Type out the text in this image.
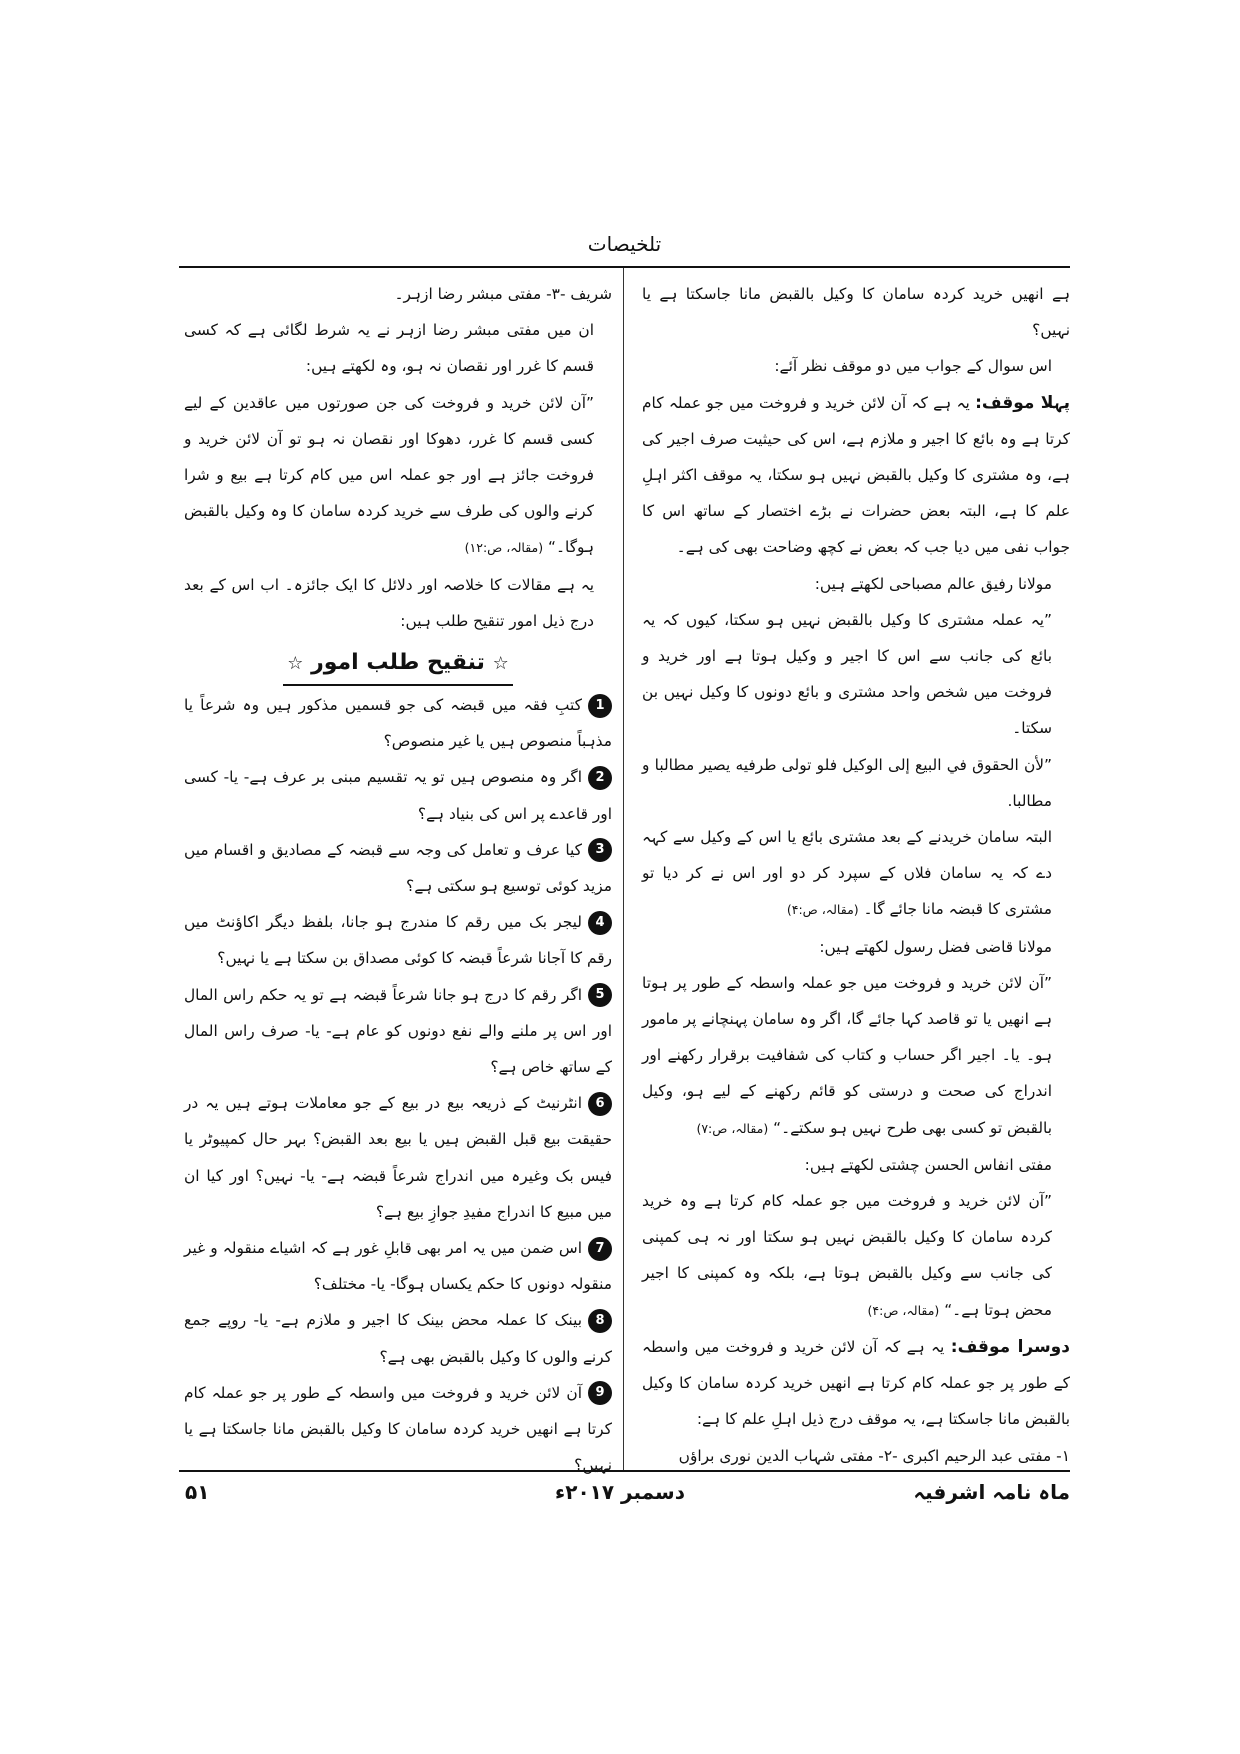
تلخیصات

ہے انھیں خرید کردہ سامان کا وکیل بالقبض مانا جاسکتا ہے یا نہیں؟

اس سوال کے جواب میں دو موقف نظر آئے:

پہلا موقف: یہ ہے کہ آن لائن خرید و فروخت میں جو عملہ کام کرتا ہے وہ بائع کا اجیر و ملازم ہے، اس کی حیثیت صرف اجیر کی ہے، وہ مشتری کا وکیل بالقبض نہیں ہو سکتا، یہ موقف اکثر اہلِ علم کا ہے، البتہ بعض حضرات نے بڑے اختصار کے ساتھ اس کا جواب نفی میں دیا جب کہ بعض نے کچھ وضاحت بھی کی ہے۔

مولانا رفیق عالم مصباحی لکھتے ہیں:

”یہ عملہ مشتری کا وکیل بالقبض نہیں ہو سکتا، کیوں کہ یہ بائع کی جانب سے اس کا اجیر و وکیل ہوتا ہے اور خرید و فروخت میں شخص واحد مشتری و بائع دونوں کا وکیل نہیں بن سکتا۔

”لأن الحقوق في البيع إلى الوكيل فلو تولى طرفيه يصير مطالبا و مطالبا.

البتہ سامان خریدنے کے بعد مشتری بائع یا اس کے وکیل سے کہہ دے کہ یہ سامان فلاں کے سپرد کر دو اور اس نے کر دیا تو مشتری کا قبضہ مانا جائے گا۔ (مقالہ، ص:۴)

مولانا قاضی فضل رسول لکھتے ہیں:

”آن لائن خرید و فروخت میں جو عملہ واسطہ کے طور پر ہوتا ہے انھیں یا تو قاصد کہا جائے گا، اگر وہ سامان پہنچانے پر مامور ہو۔ یا۔ اجیر اگر حساب و کتاب کی شفافیت برقرار رکھنے اور اندراج کی صحت و درستی کو قائم رکھنے کے لیے ہو، وکیل بالقبض تو کسی بھی طرح نہیں ہو سکتے۔“ (مقالہ، ص:۷)

مفتی انفاس الحسن چشتی لکھتے ہیں:

”آن لائن خرید و فروخت میں جو عملہ کام کرتا ہے وہ خرید کردہ سامان کا وکیل بالقبض نہیں ہو سکتا اور نہ ہی کمپنی کی جانب سے وکیل بالقبض ہوتا ہے، بلکہ وہ کمپنی کا اجیر محض ہوتا ہے۔“ (مقالہ، ص:۴)

دوسرا موقف: یہ ہے کہ آن لائن خرید و فروخت میں واسطہ کے طور پر جو عملہ کام کرتا ہے انھیں خرید کردہ سامان کا وکیل بالقبض مانا جاسکتا ہے، یہ موقف درج ذیل اہلِ علم کا ہے:

۱- مفتی عبد الرحیم اکبری -۲- مفتی شہاب الدین نوری براؤں

شریف -۳- مفتی مبشر رضا ازہر۔

ان میں مفتی مبشر رضا ازہر نے یہ شرط لگائی ہے کہ کسی قسم کا غرر اور نقصان نہ ہو، وہ لکھتے ہیں:

”آن لائن خرید و فروخت کی جن صورتوں میں عاقدین کے لیے کسی قسم کا غرر، دھوکا اور نقصان نہ ہو تو آن لائن خرید و فروخت جائز ہے اور جو عملہ اس میں کام کرتا ہے بیع و شرا کرنے والوں کی طرف سے خرید کردہ سامان کا وہ وکیل بالقبض ہوگا۔“ (مقالہ، ص:۱۲)

یہ ہے مقالات کا خلاصہ اور دلائل کا ایک جائزہ۔ اب اس کے بعد درج ذیل امور تنقیح طلب ہیں:

☆ تنقیح طلب امور ☆

1کتبِ فقہ میں قبضہ کی جو قسمیں مذکور ہیں وہ شرعاً یا مذہباً منصوص ہیں یا غیر منصوص؟

2اگر وہ منصوص ہیں تو یہ تقسیم مبنی بر عرف ہے- یا- کسی اور قاعدے پر اس کی بنیاد ہے؟

3کیا عرف و تعامل کی وجہ سے قبضہ کے مصادیق و اقسام میں مزید کوئی توسیع ہو سکتی ہے؟

4لیجر بک میں رقم کا مندرج ہو جانا، بلفظ دیگر اکاؤنٹ میں رقم کا آجانا شرعاً قبضہ کا کوئی مصداق بن سکتا ہے یا نہیں؟

5اگر رقم کا درج ہو جانا شرعاً قبضہ ہے تو یہ حکم راس المال اور اس پر ملنے والے نفع دونوں کو عام ہے- یا- صرف راس المال کے ساتھ خاص ہے؟

6انٹرنیٹ کے ذریعہ بیع در بیع کے جو معاملات ہوتے ہیں یہ در حقیقت بیع قبل القبض ہیں یا بیع بعد القبض؟ بہر حال کمپیوٹر یا فیس بک وغیرہ میں اندراج شرعاً قبضہ ہے- یا- نہیں؟ اور کیا ان میں مبیع کا اندراج مفیدِ جوازِ بیع ہے؟

7اس ضمن میں یہ امر بھی قابلِ غور ہے کہ اشیاے منقولہ و غیر منقولہ دونوں کا حکم یکساں ہوگا- یا- مختلف؟

8بینک کا عملہ محض بینک کا اجیر و ملازم ہے- یا- روپے جمع کرنے والوں کا وکیل بالقبض بھی ہے؟

9آن لائن خرید و فروخت میں واسطہ کے طور پر جو عملہ کام کرتا ہے انھیں خرید کردہ سامان کا وکیل بالقبض مانا جاسکتا ہے یا نہیں؟

ماہ نامہ اشرفیہ
دسمبر ۲۰۱۷ء
۵۱
